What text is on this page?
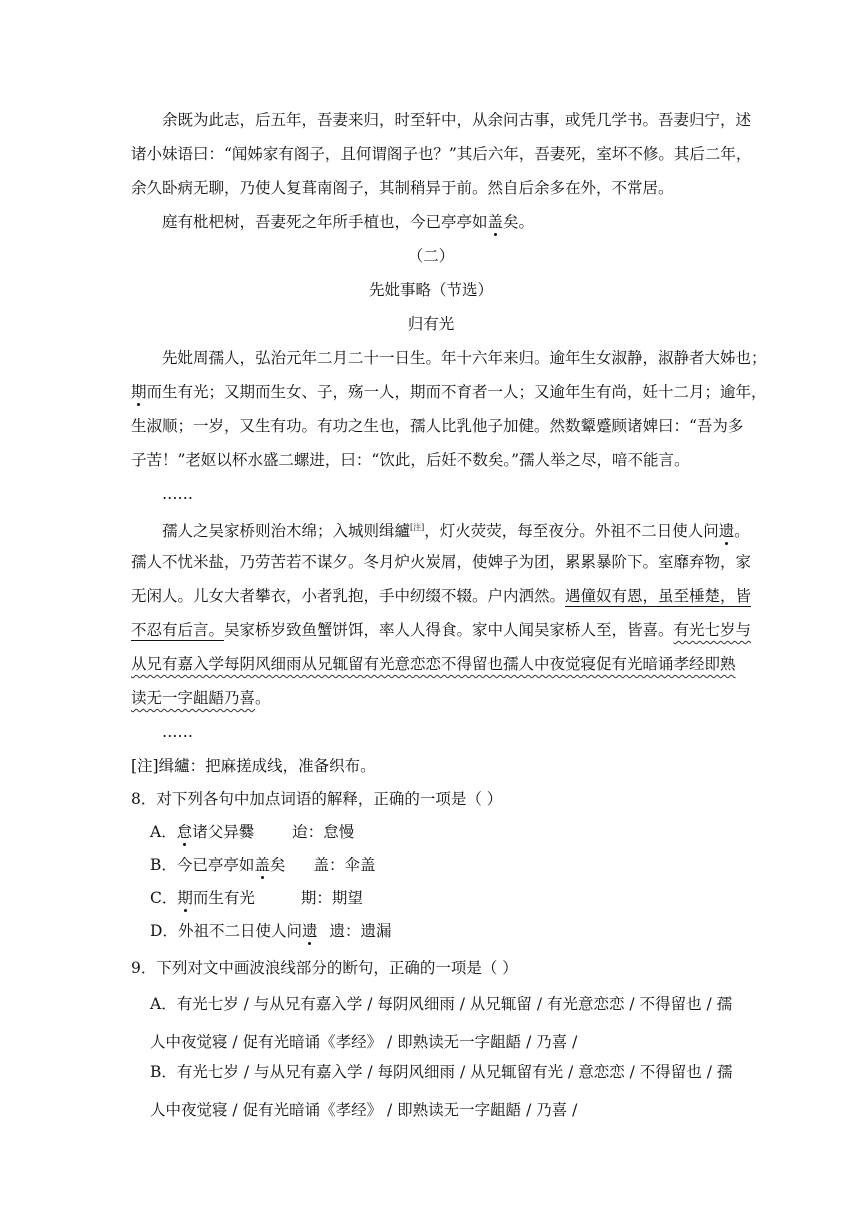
余既为此志，后五年，吾妻来归，时至轩中，从余问古事，或凭几学书。吾妻归宁，述
诸小妹语曰：“闻姊家有阁子，且何谓阁子也？”其后六年，吾妻死，室坏不修。其后二年，
余久卧病无聊，乃使人复葺南阁子，其制稍异于前。然自后余多在外，不常居。
庭有枇杷树，吾妻死之年所手植也，今已亭亭如盖矣。

（二）

先妣事略（节选）

归有光

先妣周孺人，弘治元年二月二十一日生。年十六年来归。逾年生女淑静，淑静者大姊也；
期而生有光；又期而生女、子，殇一人，期而不育者一人；又逾年生有尚，妊十二月；逾年，
生淑顺；一岁，又生有功。有功之生也，孺人比乳他子加健。然数颦蹙顾诸婢曰：“吾为多
子苦！”老妪以杯水盛二螺进，曰：“饮此，后妊不数矣。”孺人举之尽，喑不能言。
……
孺人之吴家桥则治木绵；入城则缉纑[注]，灯火荧荧，每至夜分。外祖不二日使人问遗。
孺人不忧米盐，乃劳苦若不谋夕。冬月炉火炭屑，使婢子为团，累累暴阶下。室靡弃物，家
无闲人。儿女大者攀衣，小者乳抱，手中纫缀不辍。户内洒然。遇僮奴有恩，虽至棰楚，皆
不忍有后言。吴家桥岁致鱼蟹饼饵，率人人得食。家中人闻吴家桥人至，皆喜。有光七岁与
从兄有嘉入学每阴风细雨从兄辄留有光意恋恋不得留也孺人中夜觉寝促有光暗诵孝经即熟
读无一字龃龉乃喜。
……

[注]缉纑：把麻搓成线，准备织布。

8．对下列各句中加点词语的解释，正确的一项是（ ）

A．怠诸父异爨 迨：怠慢

B．今已亭亭如盖矣 盖：伞盖

C．期而生有光	期：期望

D．外祖不二日使人问遗 遗：遗漏

9．下列对文中画波浪线部分的断句，正确的一项是（ ）

A．有光七岁 / 与从兄有嘉入学 / 每阴风细雨 / 从兄辄留 / 有光意恋恋 / 不得留也 / 孺
人中夜觉寝 / 促有光暗诵《孝经》 / 即熟读无一字龃龉 / 乃喜 /
B．有光七岁 / 与从兄有嘉入学 / 每阴风细雨 / 从兄辄留有光 / 意恋恋 / 不得留也 / 孺
人中夜觉寝 / 促有光暗诵《孝经》 / 即熟读无一字龃龉 / 乃喜 /
